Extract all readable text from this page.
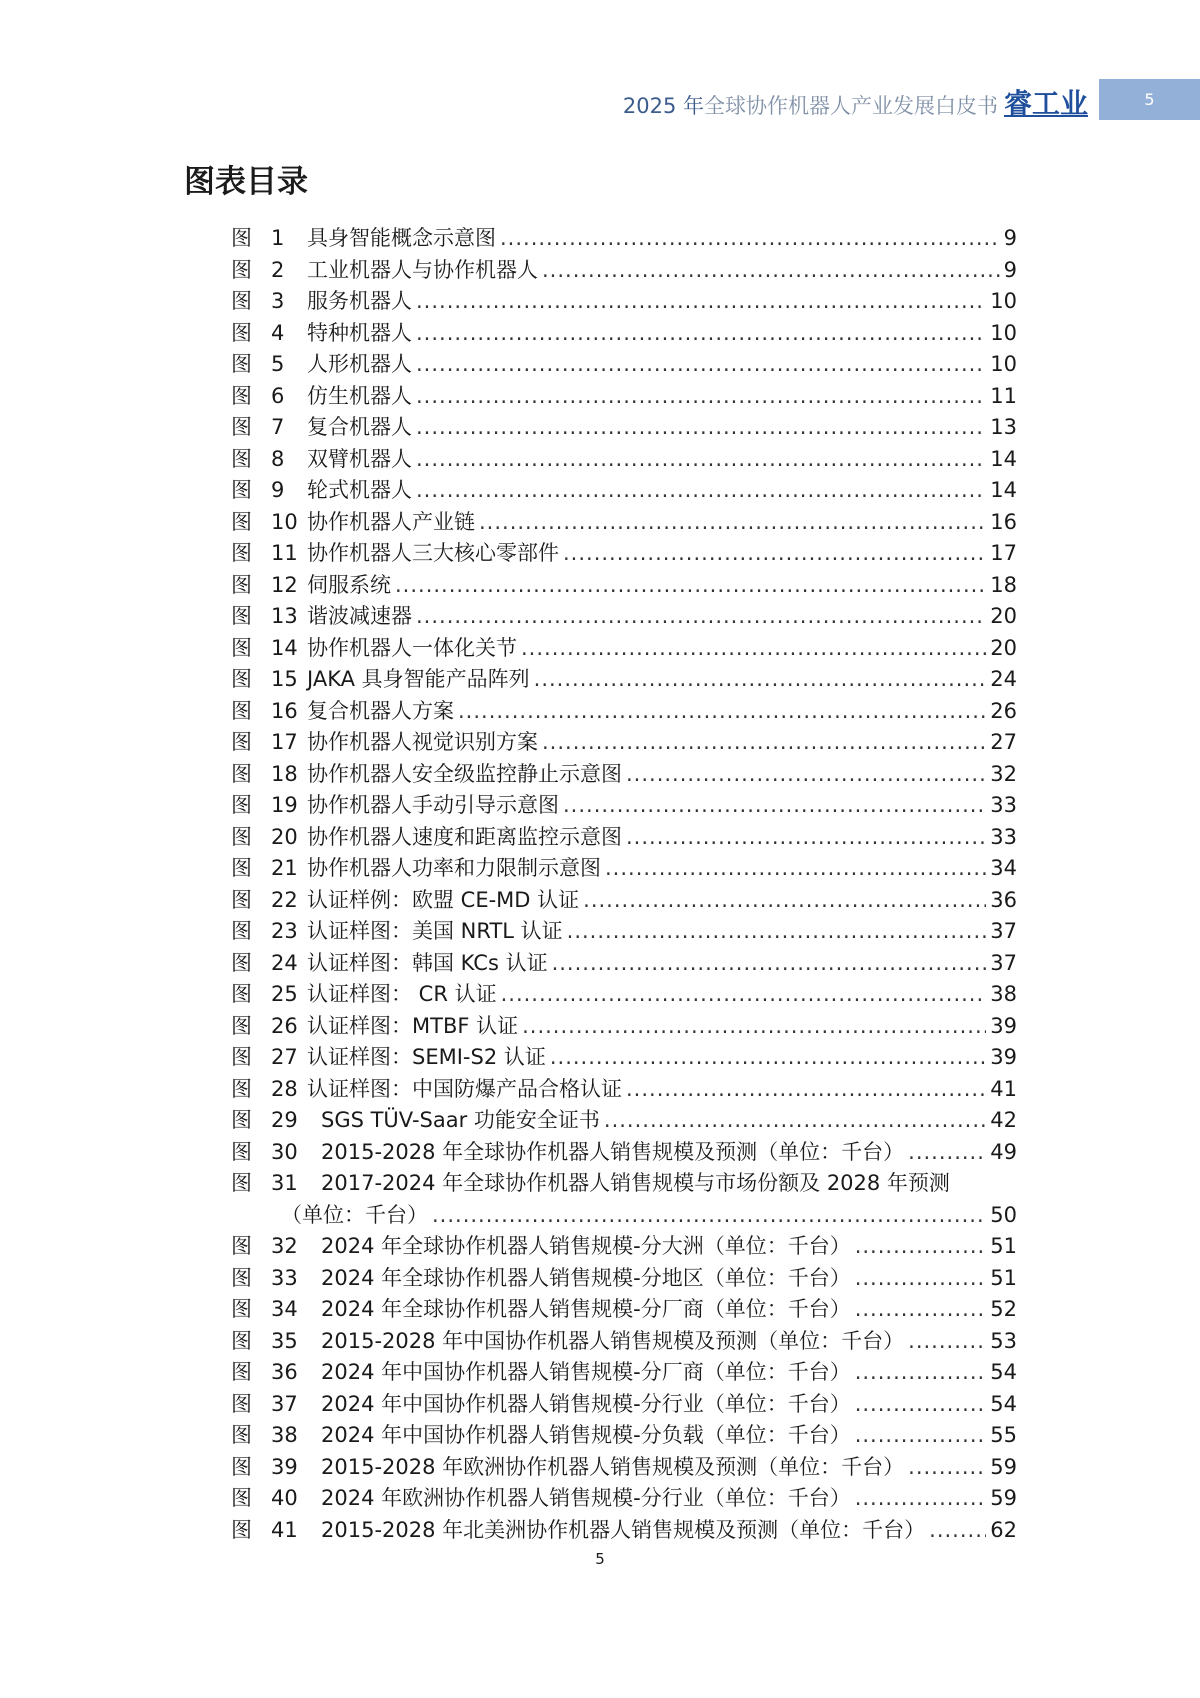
2025 年全球协作机器人产业发展白皮书 睿工业	5
图表目录
图 1	具身智能概念示意图 .....	9
图 2	工业机器人与协作机器人 .....	9
图 3	服务机器人 .....	10
图 4	特种机器人 .....	10
图 5	人形机器人 .....	10
图 6	仿生机器人 .....	11
图 7	复合机器人 .....	13
图 8	双臂机器人 .....	14
图 9	轮式机器人 .....	14
图 10 协作机器人产业链 .....	16
图 11 协作机器人三大核心零部件 .....	17
图 12 伺服系统 .....	18
图 13 谐波减速器 .....	20
图 14 协作机器人一体化关节 .....	20
图 15 JAKA 具身智能产品阵列 .....	24
图 16 复合机器人方案 .....	26
图 17 协作机器人视觉识别方案 .....	27
图 18 协作机器人安全级监控静止示意图 .....	32
图 19 协作机器人手动引导示意图 .....	33
图 20 协作机器人速度和距离监控示意图 .....	33
图 21 协作机器人功率和力限制示意图 .....	34
图 22 认证样例：欧盟 CE-MD 认证 .....	36
图 23 认证样图：美国 NRTL 认证 .....	37
图 24 认证样图：韩国 KCs 认证 .....	37
图 25 认证样图： CR 认证 .....	38
图 26 认证样图：MTBF 认证 .....	39
图 27 认证样图：SEMI-S2 认证 .....	39
图 28 认证样图：中国防爆产品合格认证 .....	41
图 29	SGS TÜV-Saar 功能安全证书 .....	42
图 30	2015-2028 年全球协作机器人销售规模及预测（单位：千台） .....	49
图 31	2017-2024 年全球协作机器人销售规模与市场份额及 2028 年预测
（单位：千台） .....	50
图 32	2024 年全球协作机器人销售规模-分大洲（单位：千台） .....	51
图 33	2024 年全球协作机器人销售规模-分地区（单位：千台） .....	51
图 34	2024 年全球协作机器人销售规模-分厂商（单位：千台） .....	52
图 35	2015-2028 年中国协作机器人销售规模及预测（单位：千台） .....	53
图 36	2024 年中国协作机器人销售规模-分厂商（单位：千台） .....	54
图 37	2024 年中国协作机器人销售规模-分行业（单位：千台） .....	54
图 38	2024 年中国协作机器人销售规模-分负载（单位：千台） .....	55
图 39	2015-2028 年欧洲协作机器人销售规模及预测（单位：千台） .....	59
图 40	2024 年欧洲协作机器人销售规模-分行业（单位：千台） .....	59
图 41	2015-2028 年北美洲协作机器人销售规模及预测（单位：千台） .....	62
5
